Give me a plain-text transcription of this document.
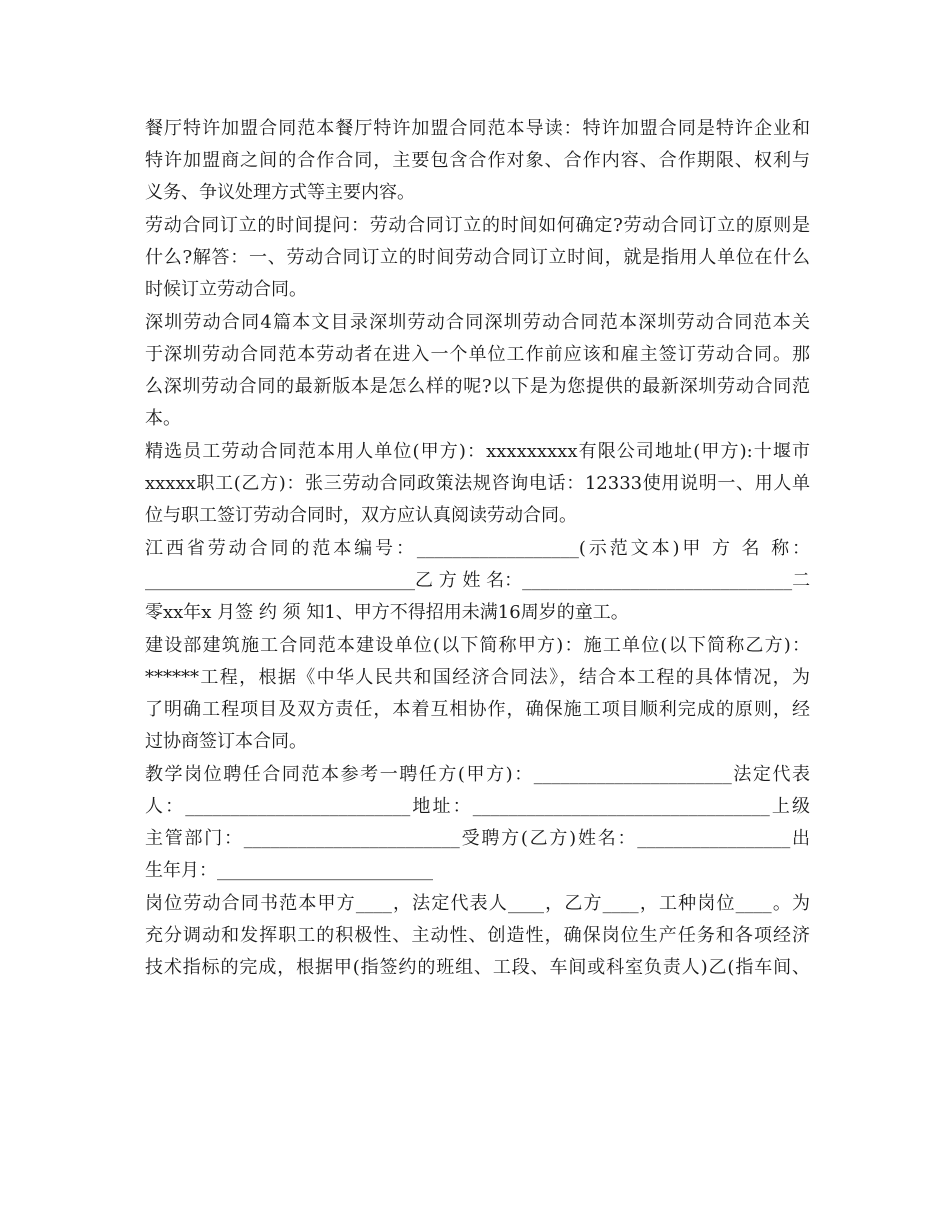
餐厅特许加盟合同范本餐厅特许加盟合同范本导读：特许加盟合同是特许企业和
特许加盟商之间的合作合同，主要包含合作对象、合作内容、合作期限、权利与
义务、争议处理方式等主要内容。
劳动合同订立的时间提问：劳动合同订立的时间如何确定?劳动合同订立的原则是
什么?解答：一、劳动合同订立的时间劳动合同订立时间，就是指用人单位在什么
时候订立劳动合同。
深圳劳动合同4篇本文目录深圳劳动合同深圳劳动合同范本深圳劳动合同范本关
于深圳劳动合同范本劳动者在进入一个单位工作前应该和雇主签订劳动合同。那
么深圳劳动合同的最新版本是怎么样的呢?以下是为您提供的最新深圳劳动合同范
本。
精选员工劳动合同范本用人单位(甲方)：xxxxxxxxx有限公司地址(甲方):十堰市
xxxxx职工(乙方)：张三劳动合同政策法规咨询电话：12333使用说明一、用人单
位与职工签订劳动合同时，双方应认真阅读劳动合同。
江西省劳动合同的范本编号：__________________(示范文本)甲 方 名 称：
______________________________乙 方 姓 名：______________________________二
零xx年x 月签 约 须 知1、甲方不得招用未满16周岁的童工。
建设部建筑施工合同范本建设单位(以下简称甲方)：施工单位(以下简称乙方)：
******工程，根据《中华人民共和国经济合同法》，结合本工程的具体情况，为
了明确工程项目及双方责任，本着互相协作，确保施工项目顺利完成的原则，经
过协商签订本合同。
教学岗位聘任合同范本参考一聘任方(甲方)：______________________法定代表
人：_________________________地址：_________________________________上级
主管部门：________________________受聘方(乙方)姓名：_________________出
生年月：________________________
岗位劳动合同书范本甲方____，法定代表人____，乙方____，工种岗位____。为
充分调动和发挥职工的积极性、主动性、创造性，确保岗位生产任务和各项经济
技术指标的完成，根据甲(指签约的班组、工段、车间或科室负责人)乙(指车间、
